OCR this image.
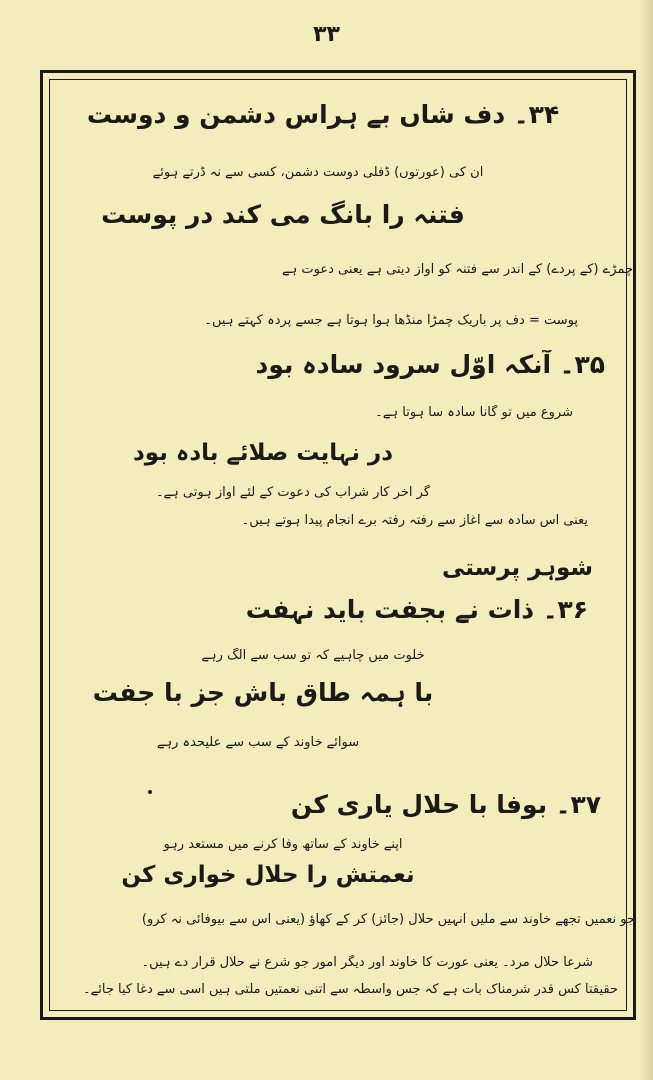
۳۳
۳۴۔ دف شاں بے ہراس دشمن و دوست
ان کی (عورتوں) ڈفلی دوست دشمن، کسی سے نہ ڈرتے ہوئے
فتنہ را بانگ می کند در پوست
چمڑے (کے پردے) کے اندر سے فتنہ کو آواز دیتی ہے یعنی دعوت ہے
پوست = دف پر باریک چمڑا منڈھا ہوا ہوتا ہے جسے پردہ کہتے ہیں۔
۳۵۔ آنکہ اوّل سرود سادہ بود
شروع میں تو گانا سادہ سا ہوتا ہے۔
در نہایت صلائے بادہ بود
گر آخر کار شراب کی دعوت کے لئے آواز ہوتی ہے۔
یعنی اس سادہ سے آغاز سے رفتہ رفتہ برے انجام پیدا ہوتے ہیں۔
شوہر پرستی
۳۶۔ ذات نے بجفت باید نہفت
خلوت میں چاہیے کہ تو سب سے الگ رہے
با ہمہ طاق باش جز با جفت
سوائے خاوند کے سب سے علیحدہ رہے
۳۷۔ بوفا با حلال یاری کن
اپنے خاوند کے ساتھ وفا کرنے میں مستعد رہو
نعمتش را حلال خواری کن
جو نعمیں تجھے خاوند سے ملیں انہیں حلال (جائز) کر کے کھاؤ (یعنی اس سے بیوفائی نہ کرو)
شرعاً حلال مرد۔ یعنی عورت کا خاوند اور دیگر امور جو شرع نے حلال قرار دے ہیں۔
حقیقتاً کس قدر شرمناک بات ہے کہ جس واسطہ سے اتنی نعمتیں ملتی ہیں اسی سے دغا کیا جائے۔
